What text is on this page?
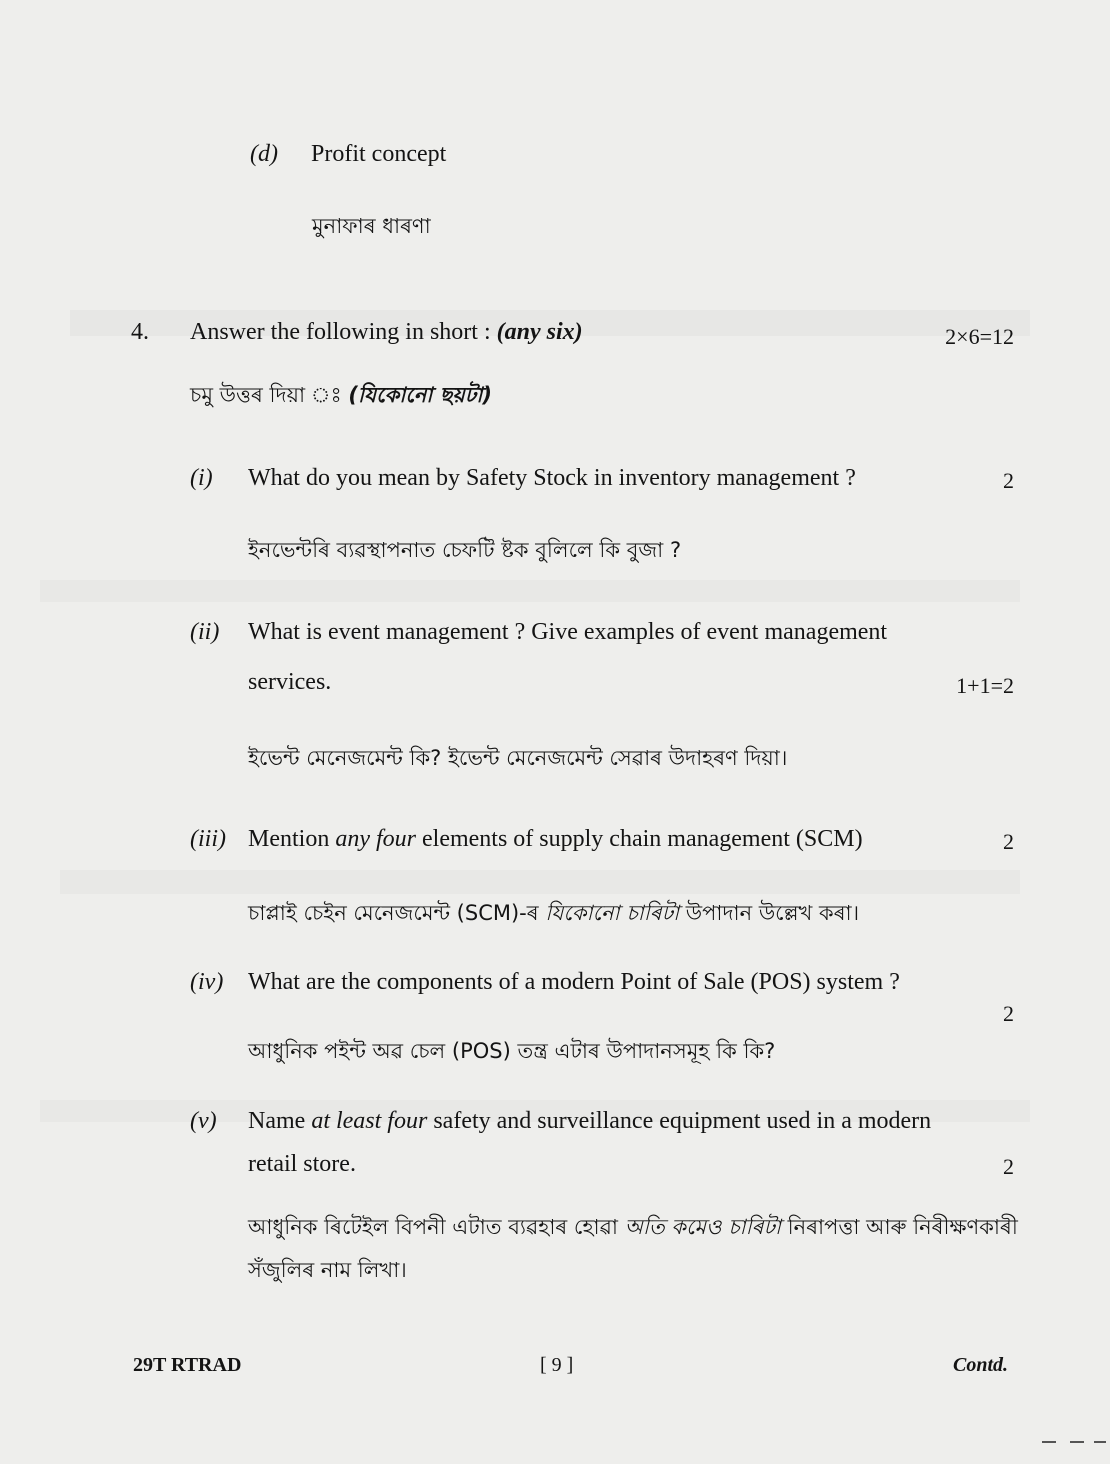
(d) Profit concept
মুনাফাৰ ধাৰণা
4. Answer the following in short : (any six)	2×6=12
চমু উত্তৰ দিয়া ঃ (যিকোনো ছয়টা)
(i) What do you mean by Safety Stock in inventory management ?	2
ইনভেন্টৰি ব্যৱস্থাপনাত চেফটি ষ্টক বুলিলে কি বুজা ?
(ii) What is event management ? Give examples of event management
services.	1+1=2
ইভেন্ট মেনেজমেন্ট কি? ইভেন্ট মেনেজমেন্ট সেৱাৰ উদাহৰণ দিয়া।
(iii) Mention any four elements of supply chain management (SCM)	2
চাপ্লাই চেইন মেনেজমেন্ট (SCM)-ৰ যিকোনো চাৰিটা উপাদান উল্লেখ কৰা।
(iv) What are the components of a modern Point of Sale (POS) system ?
2
আধুনিক পইন্ট অৱ চেল (POS) তন্ত্ৰ এটাৰ উপাদানসমূহ কি কি?
(v) Name at least four safety and surveillance equipment used in a modern
retail store.	2
আধুনিক ৰিটেইল বিপনী এটাত ব্যৱহাৰ হোৱা অতি কমেও চাৰিটা নিৰাপত্তা আৰু নিৰীক্ষণকাৰী
সঁজুলিৰ নাম লিখা।
29T RTRAD	[ 9 ]	Contd.
